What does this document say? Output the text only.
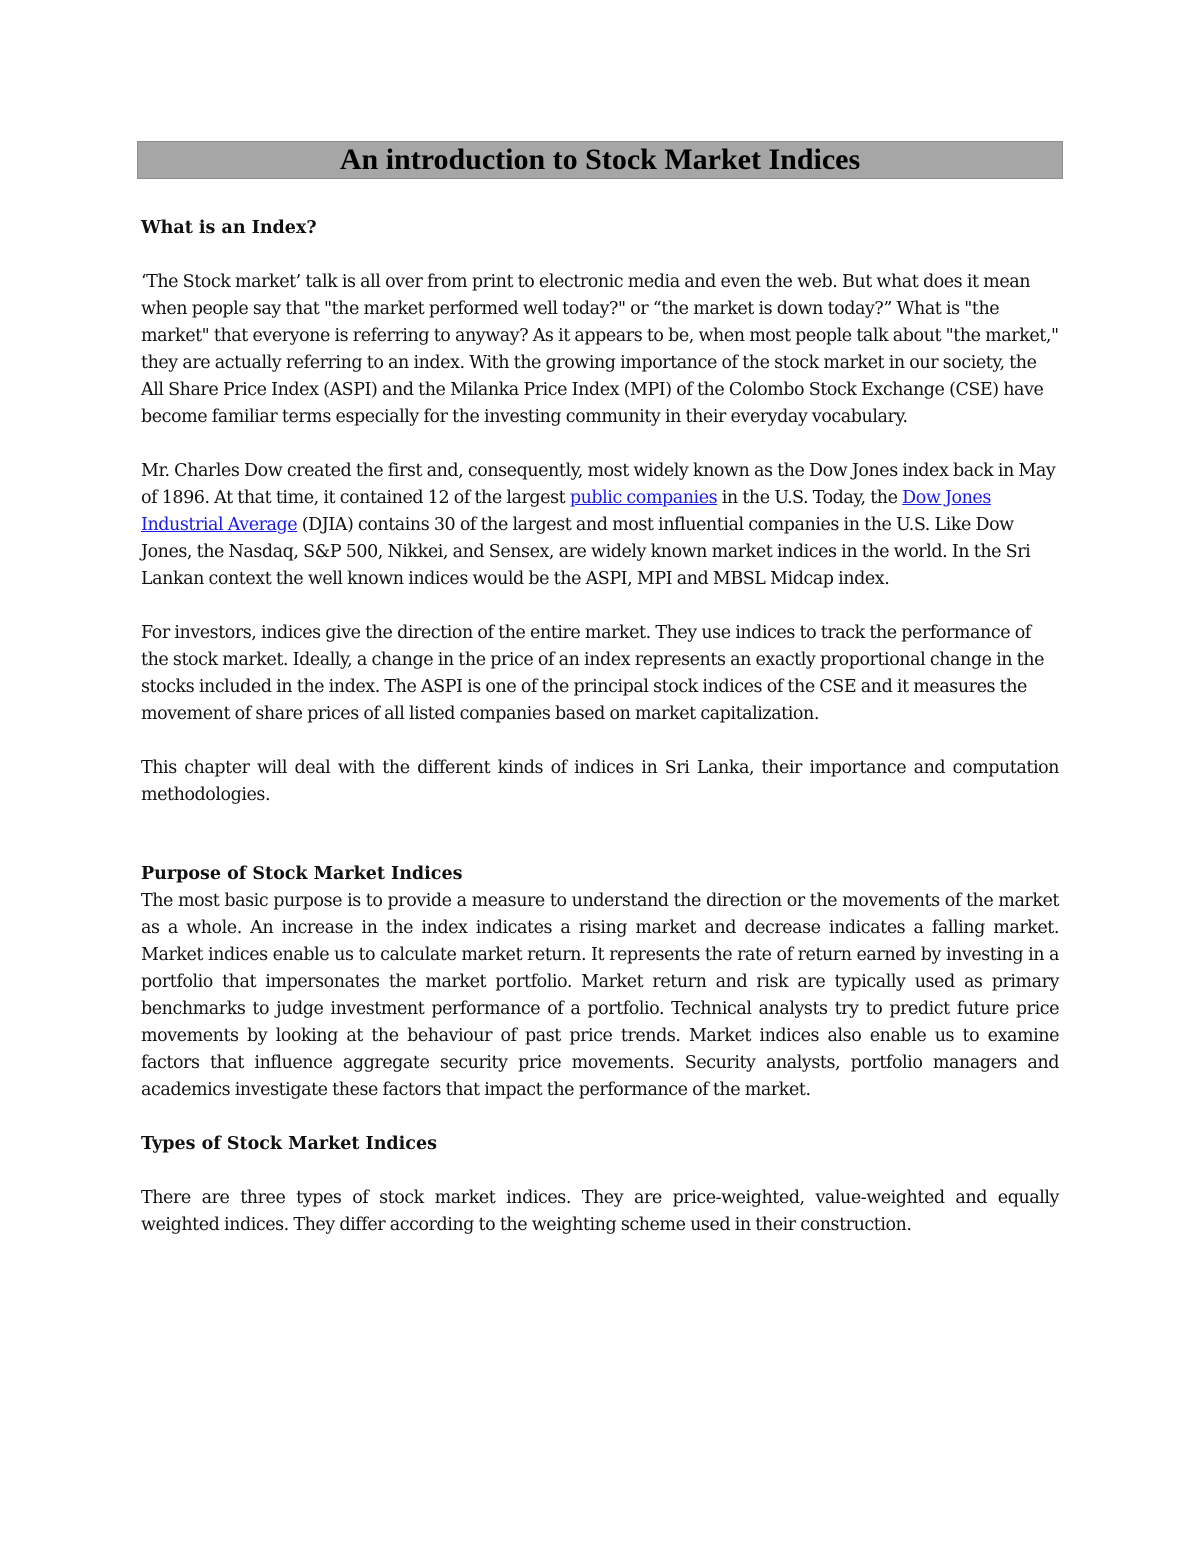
An introduction to Stock Market Indices
What is an Index?

‘The Stock market’ talk is all over from print to electronic media and even the web. But what does it mean when people say that "the market performed well today?" or “the market is down today?” What is "the market" that everyone is referring to anyway? As it appears to be, when most people talk about "the market," they are actually referring to an index. With the growing importance of the stock market in our society, the All Share Price Index (ASPI) and the Milanka Price Index (MPI) of the Colombo Stock Exchange (CSE) have become familiar terms especially for the investing community in their everyday vocabulary.

Mr. Charles Dow created the first and, consequently, most widely known as the Dow Jones index back in May of 1896. At that time, it contained 12 of the largest public companies in the U.S. Today, the Dow Jones Industrial Average (DJIA) contains 30 of the largest and most influential companies in the U.S. Like Dow Jones, the Nasdaq, S&P 500, Nikkei, and Sensex, are widely known market indices in the world. In the Sri Lankan context the well known indices would be the ASPI, MPI and MBSL Midcap index.

For investors, indices give the direction of the entire market. They use indices to track the performance of the stock market. Ideally, a change in the price of an index represents an exactly proportional change in the stocks included in the index. The ASPI is one of the principal stock indices of the CSE and it measures the movement of share prices of all listed companies based on market capitalization.

This chapter will deal with the different kinds of indices in Sri Lanka, their importance and computation methodologies.

Purpose of Stock Market Indices

The most basic purpose is to provide a measure to understand the direction or the movements of the market as a whole. An increase in the index indicates a rising market and decrease indicates a falling market. Market indices enable us to calculate market return. It represents the rate of return earned by investing in a portfolio that impersonates the market portfolio. Market return and risk are typically used as primary benchmarks to judge investment performance of a portfolio. Technical analysts try to predict future price movements by looking at the behaviour of past price trends. Market indices also enable us to examine factors that influence aggregate security price movements. Security analysts, portfolio managers and academics investigate these factors that impact the performance of the market.

Types of Stock Market Indices

There are three types of stock market indices. They are price-weighted, value-weighted and equally weighted indices. They differ according to the weighting scheme used in their construction.
